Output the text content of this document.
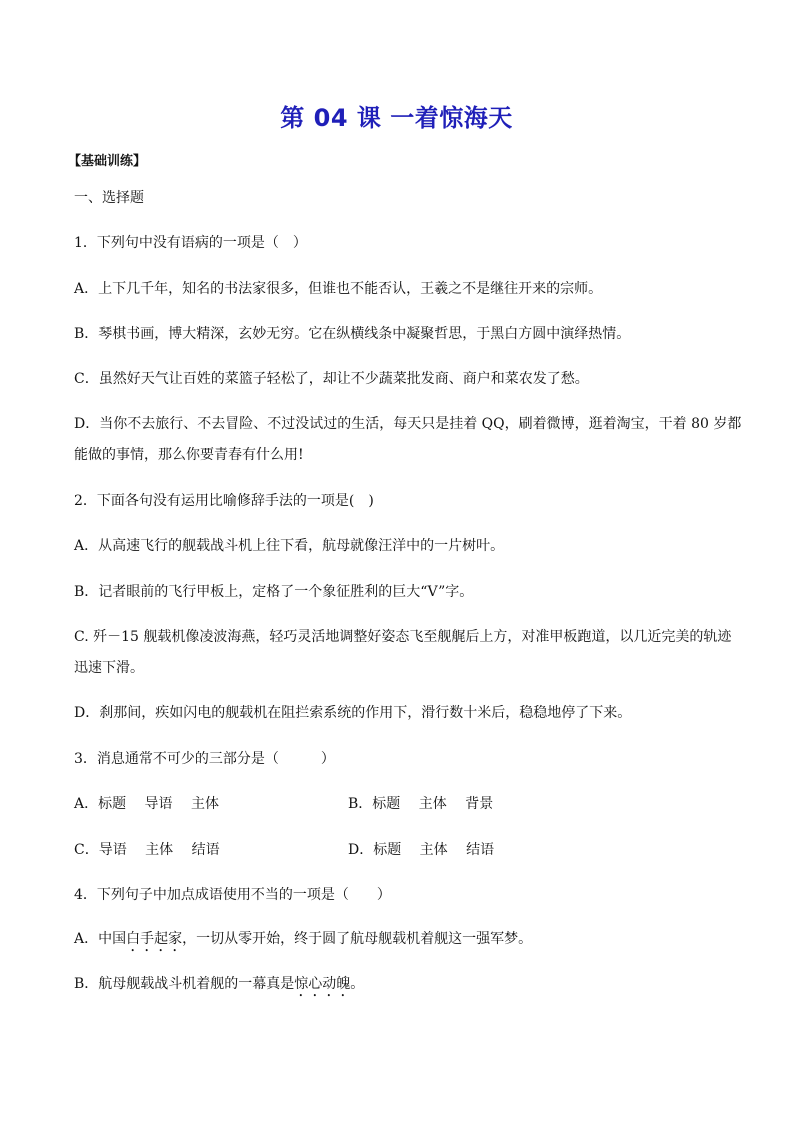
第 04 课 一着惊海天
【基础训练】
一、选择题
1．下列句中没有语病的一项是（　）
A．上下几千年，知名的书法家很多，但谁也不能否认，王羲之不是继往开来的宗师。
B．琴棋书画，博大精深，玄妙无穷。它在纵横线条中凝聚哲思，于黑白方圆中演绎热情。
C．虽然好天气让百姓的菜篮子轻松了，却让不少蔬菜批发商、商户和菜农发了愁。
D．当你不去旅行、不去冒险、不过没试过的生活，每天只是挂着 QQ，刷着微博，逛着淘宝，干着 80 岁都
能做的事情，那么你要青春有什么用!
2．下面各句没有运用比喻修辞手法的一项是(　)
A．从高速飞行的舰载战斗机上往下看，航母就像汪洋中的一片树叶。
B．记者眼前的飞行甲板上，定格了一个象征胜利的巨大“V”字。
C. 歼－15 舰载机像凌波海燕，轻巧灵活地调整好姿态飞至舰艉后上方，对准甲板跑道，以几近完美的轨迹
迅速下滑。
D．刹那间，疾如闪电的舰载机在阻拦索系统的作用下，滑行数十米后，稳稳地停了下来。
3．消息通常不可少的三部分是（　　　）
A．标题　 导语　 主体	B．标题　 主体　 背景
C．导语　 主体　 结语	D．标题　 主体　 结语
4．下列句子中加点成语使用不当的一项是（　　）
A．中国白手起家，一切从零开始，终于圆了航母舰载机着舰这一强军梦。
B．航母舰载战斗机着舰的一幕真是惊心动魄。
